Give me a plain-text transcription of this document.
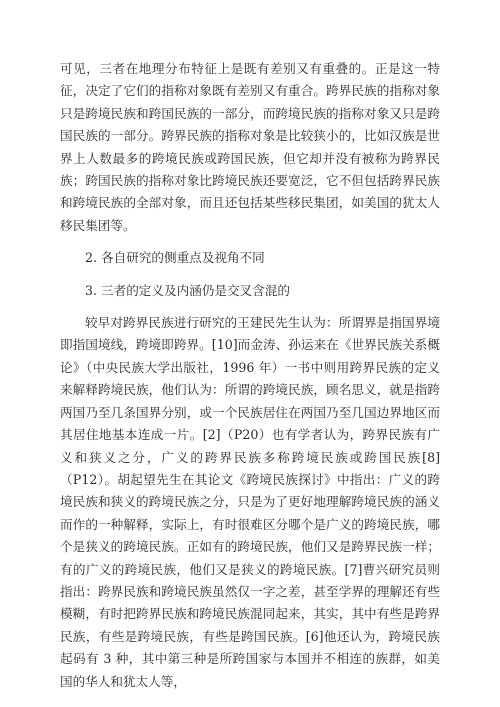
可见，三者在地理分布特征上是既有差别又有重叠的。正是这一特征，决定了它们的指称对象既有差别又有重合。跨界民族的指称对象只是跨境民族和跨国民族的一部分，而跨境民族的指称对象又只是跨国民族的一部分。跨界民族的指称对象是比较狭小的，比如汉族是世界上人数最多的跨境民族或跨国民族，但它却并没有被称为跨界民族；跨国民族的指称对象比跨境民族还要宽泛，它不但包括跨界民族和跨境民族的全部对象，而且还包括某些移民集团，如美国的犹太人移民集团等。

2. 各自研究的侧重点及视角不同

3. 三者的定义及内涵仍是交叉含混的

较早对跨界民族进行研究的王建民先生认为：所谓界是指国界境即指国境线，跨境即跨界。[10]而金涛、孙运来在《世界民族关系概论》（中央民族大学出版社，1996 年）一书中则用跨界民族的定义来解释跨境民族，他们认为：所谓的跨境民族，顾名思义，就是指跨两国乃至几条国界分别，或一个民族居住在两国乃至几国边界地区而其居住地基本连成一片。[2]（P20）也有学者认为，跨界民族有广义和狭义之分，广义的跨界民族多称跨境民族或跨国民族[8]（P12）。胡起望先生在其论文《跨境民族探讨》中指出：广义的跨境民族和狭义的跨境民族之分，只是为了更好地理解跨境民族的涵义而作的一种解释，实际上，有时很难区分哪个是广义的跨境民族，哪个是狭义的跨境民族。正如有的跨境民族，他们又是跨界民族一样；有的广义的跨境民族，他们又是狭义的跨境民族。[7]曹兴研究员则指出：跨界民族和跨境民族虽然仅一字之差，甚至学界的理解还有些模糊，有时把跨界民族和跨境民族混同起来，其实，其中有些是跨界民族，有些是跨境民族，有些是跨国民族。[6]他还认为，跨境民族起码有 3 种，其中第三种是所跨国家与本国并不相连的族群，如美国的华人和犹太人等，
